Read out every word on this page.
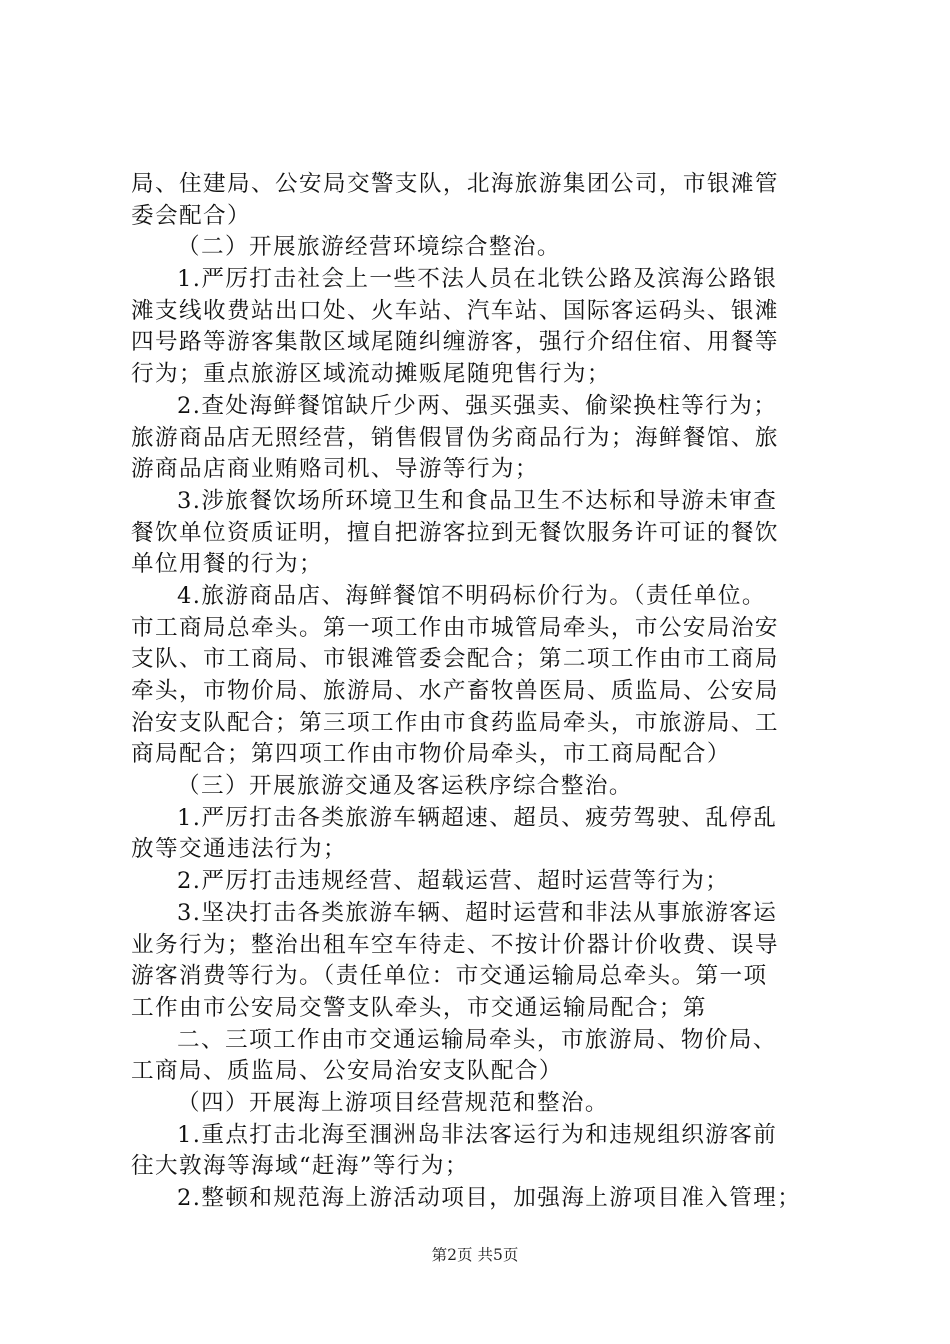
局、住建局、公安局交警支队，北海旅游集团公司，市银滩管
委会配合）
（二）开展旅游经营环境综合整治。
1.严厉打击社会上一些不法人员在北铁公路及滨海公路银
滩支线收费站出口处、火车站、汽车站、国际客运码头、银滩
四号路等游客集散区域尾随纠缠游客，强行介绍住宿、用餐等
行为；重点旅游区域流动摊贩尾随兜售行为；
2.查处海鲜餐馆缺斤少两、强买强卖、偷梁换柱等行为；
旅游商品店无照经营，销售假冒伪劣商品行为；海鲜餐馆、旅
游商品店商业贿赂司机、导游等行为；
3.涉旅餐饮场所环境卫生和食品卫生不达标和导游未审查
餐饮单位资质证明，擅自把游客拉到无餐饮服务许可证的餐饮
单位用餐的行为；
4.旅游商品店、海鲜餐馆不明码标价行为。（责任单位。
市工商局总牵头。第一项工作由市城管局牵头，市公安局治安
支队、市工商局、市银滩管委会配合；第二项工作由市工商局
牵头，市物价局、旅游局、水产畜牧兽医局、质监局、公安局
治安支队配合；第三项工作由市食药监局牵头，市旅游局、工
商局配合；第四项工作由市物价局牵头，市工商局配合）
（三）开展旅游交通及客运秩序综合整治。
1.严厉打击各类旅游车辆超速、超员、疲劳驾驶、乱停乱
放等交通违法行为；
2.严厉打击违规经营、超载运营、超时运营等行为；
3.坚决打击各类旅游车辆、超时运营和非法从事旅游客运
业务行为；整治出租车空车待走、不按计价器计价收费、误导
游客消费等行为。（责任单位：市交通运输局总牵头。第一项
工作由市公安局交警支队牵头，市交通运输局配合；第
二、三项工作由市交通运输局牵头，市旅游局、物价局、
工商局、质监局、公安局治安支队配合）
（四）开展海上游项目经营规范和整治。
1.重点打击北海至涠洲岛非法客运行为和违规组织游客前
往大敦海等海域“赶海”等行为；
2.整顿和规范海上游活动项目，加强海上游项目准入管理；
第2页 共5页
